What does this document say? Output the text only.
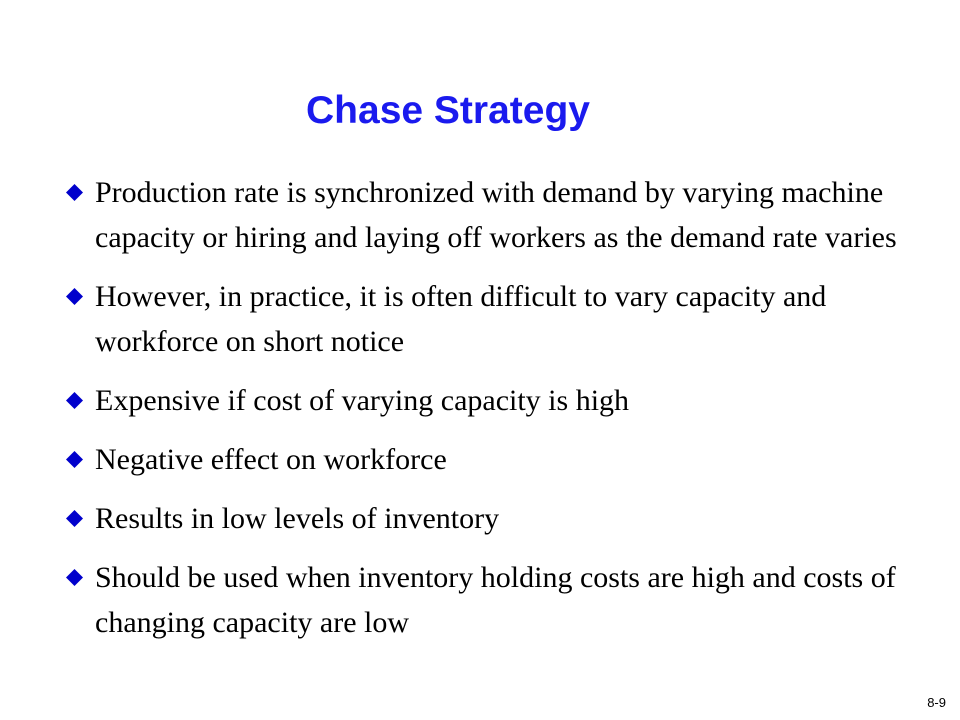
Chase Strategy
Production rate is synchronized with demand by varying machine capacity or hiring and laying off workers as the demand rate varies
However, in practice, it is often difficult to vary capacity and workforce on short notice
Expensive if cost of varying capacity is high
Negative effect on workforce
Results in low levels of inventory
Should be used when inventory holding costs are high and costs of changing capacity are low
8-9
